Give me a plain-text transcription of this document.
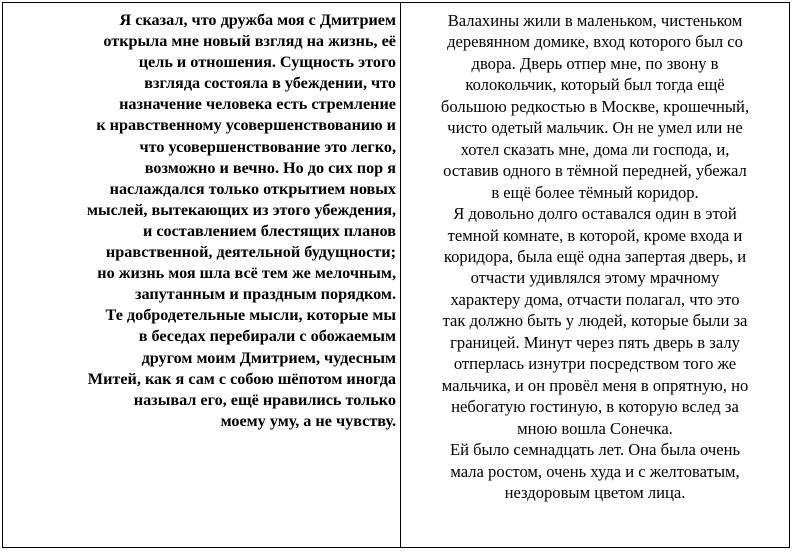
Я сказал, что дружба моя с Дмитрием
открыла мне новый взгляд на жизнь, её
цель и отношения. Сущность этого
взгляда состояла в убеждении, что
назначение человека есть стремление
к нравственному усовершенствованию и
что усовершенствование это легко,
возможно и вечно. Но до сих пор я
наслаждался только открытием новых
мыслей, вытекающих из этого убеждения,
и составлением блестящих планов
нравственной, деятельной будущности;
но жизнь моя шла всё тем же мелочным,
запутанным и праздным порядком.

Те добродетельные мысли, которые мы
в беседах перебирали с обожаемым
другом моим Дмитрием, чудесным
Митей, как я сам с собою шёпотом иногда
называл его, ещё нравились только
моему уму, а не чувству.

Валахины жили в маленьком, чистеньком
деревянном домике, вход которого был со
двора. Дверь отпер мне, по звону в
колокольчик, который был тогда ещё
большою редкостью в Москве, крошечный,
чисто одетый мальчик. Он не умел или не
хотел сказать мне, дома ли господа, и,
оставив одного в тёмной передней, убежал
в ещё более тёмный коридор.

Я довольно долго оставался один в этой
темной комнате, в которой, кроме входа и
коридора, была ещё одна запертая дверь, и
отчасти удивлялся этому мрачному
характеру дома, отчасти полагал, что это
так должно быть у людей, которые были за
границей. Минут через пять дверь в залу
отперлась изнутри посредством того же
мальчика, и он провёл меня в опрятную, но
небогатую гостиную, в которую вслед за
мною вошла Сонечка.

Ей было семнадцать лет. Она была очень
мала ростом, очень худа и с желтоватым,
нездоровым цветом лица.
